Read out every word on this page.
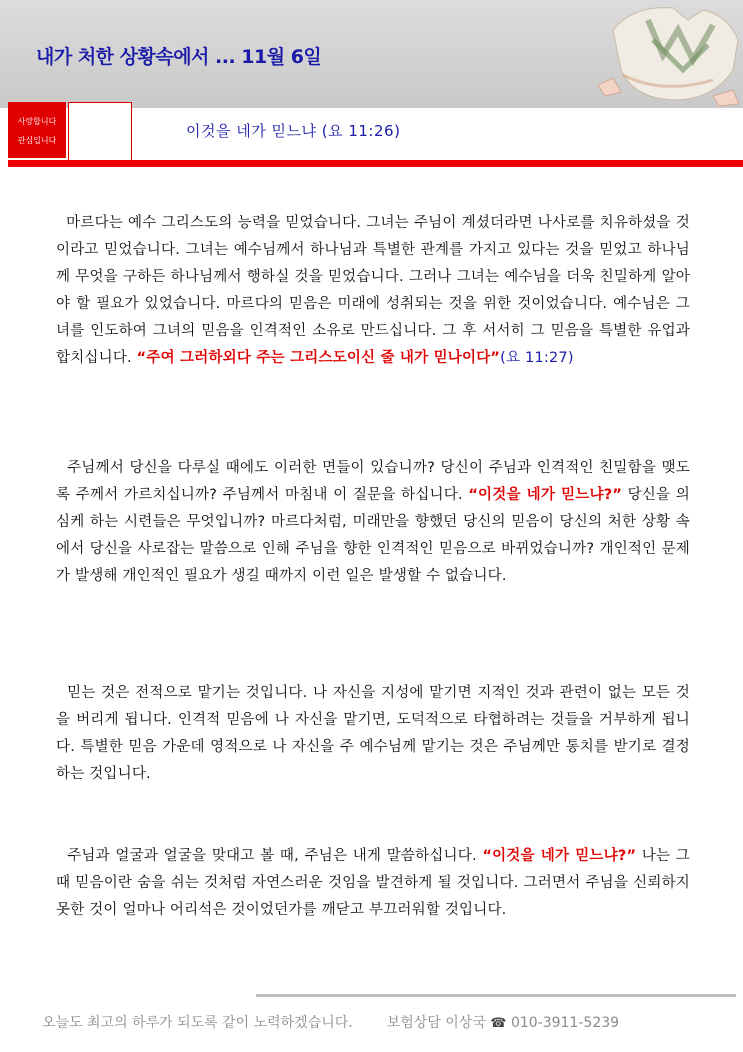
내가 처한 상황속에서 ... 11월 6일
사랑합니다
관심입니다
이것을 네가 믿느냐 (요 11:26)
마르다는 예수 그리스도의 능력을 믿었습니다. 그녀는 주님이 계셨더라면 나사로를 치유하셨을 것이라고 믿었습니다. 그녀는 예수님께서 하나님과 특별한 관계를 가지고 있다는 것을 믿었고 하나님께 무엇을 구하든 하나님께서 행하실 것을 믿었습니다. 그러나 그녀는 예수님을 더욱 친밀하게 알아야 할 필요가 있었습니다. 마르다의 믿음은 미래에 성취되는 것을 위한 것이었습니다. 예수님은 그녀를 인도하여 그녀의 믿음을 인격적인 소유로 만드십니다. 그 후 서서히 그 믿음을 특별한 유업과 합치십니다. “주여 그러하외다 주는 그리스도이신 줄 내가 믿나이다”(요 11:27)
주님께서 당신을 다루실 때에도 이러한 면들이 있습니까? 당신이 주님과 인격적인 친밀함을 맺도록 주께서 가르치십니까? 주님께서 마침내 이 질문을 하십니다. “이것을 네가 믿느냐?” 당신을 의심케 하는 시련들은 무엇입니까? 마르다처럼, 미래만을 향했던 당신의 믿음이 당신의 처한 상황 속에서 당신을 사로잡는 말씀으로 인해 주님을 향한 인격적인 믿음으로 바뀌었습니까? 개인적인 문제가 발생해 개인적인 필요가 생길 때까지 이런 일은 발생할 수 없습니다.
믿는 것은 전적으로 맡기는 것입니다. 나 자신을 지성에 맡기면 지적인 것과 관련이 없는 모든 것을 버리게 됩니다. 인격적 믿음에 나 자신을 맡기면, 도덕적으로 타협하려는 것들을 거부하게 됩니다. 특별한 믿음 가운데 영적으로 나 자신을 주 예수님께 맡기는 것은 주님께만 통치를 받기로 결정하는 것입니다.
주님과 얼굴과 얼굴을 맞대고 볼 때, 주님은 내게 말씀하십니다. “이것을 네가 믿느냐?” 나는 그때 믿음이란 숨을 쉬는 것처럼 자연스러운 것임을 발견하게 될 것입니다. 그러면서 주님을 신뢰하지 못한 것이 얼마나 어리석은 것이었던가를 깨닫고 부끄러워할 것입니다.
오늘도 최고의 하루가 되도록 같이 노력하겠습니다. 보험상담 이상국 ☎ 010-3911-5239
